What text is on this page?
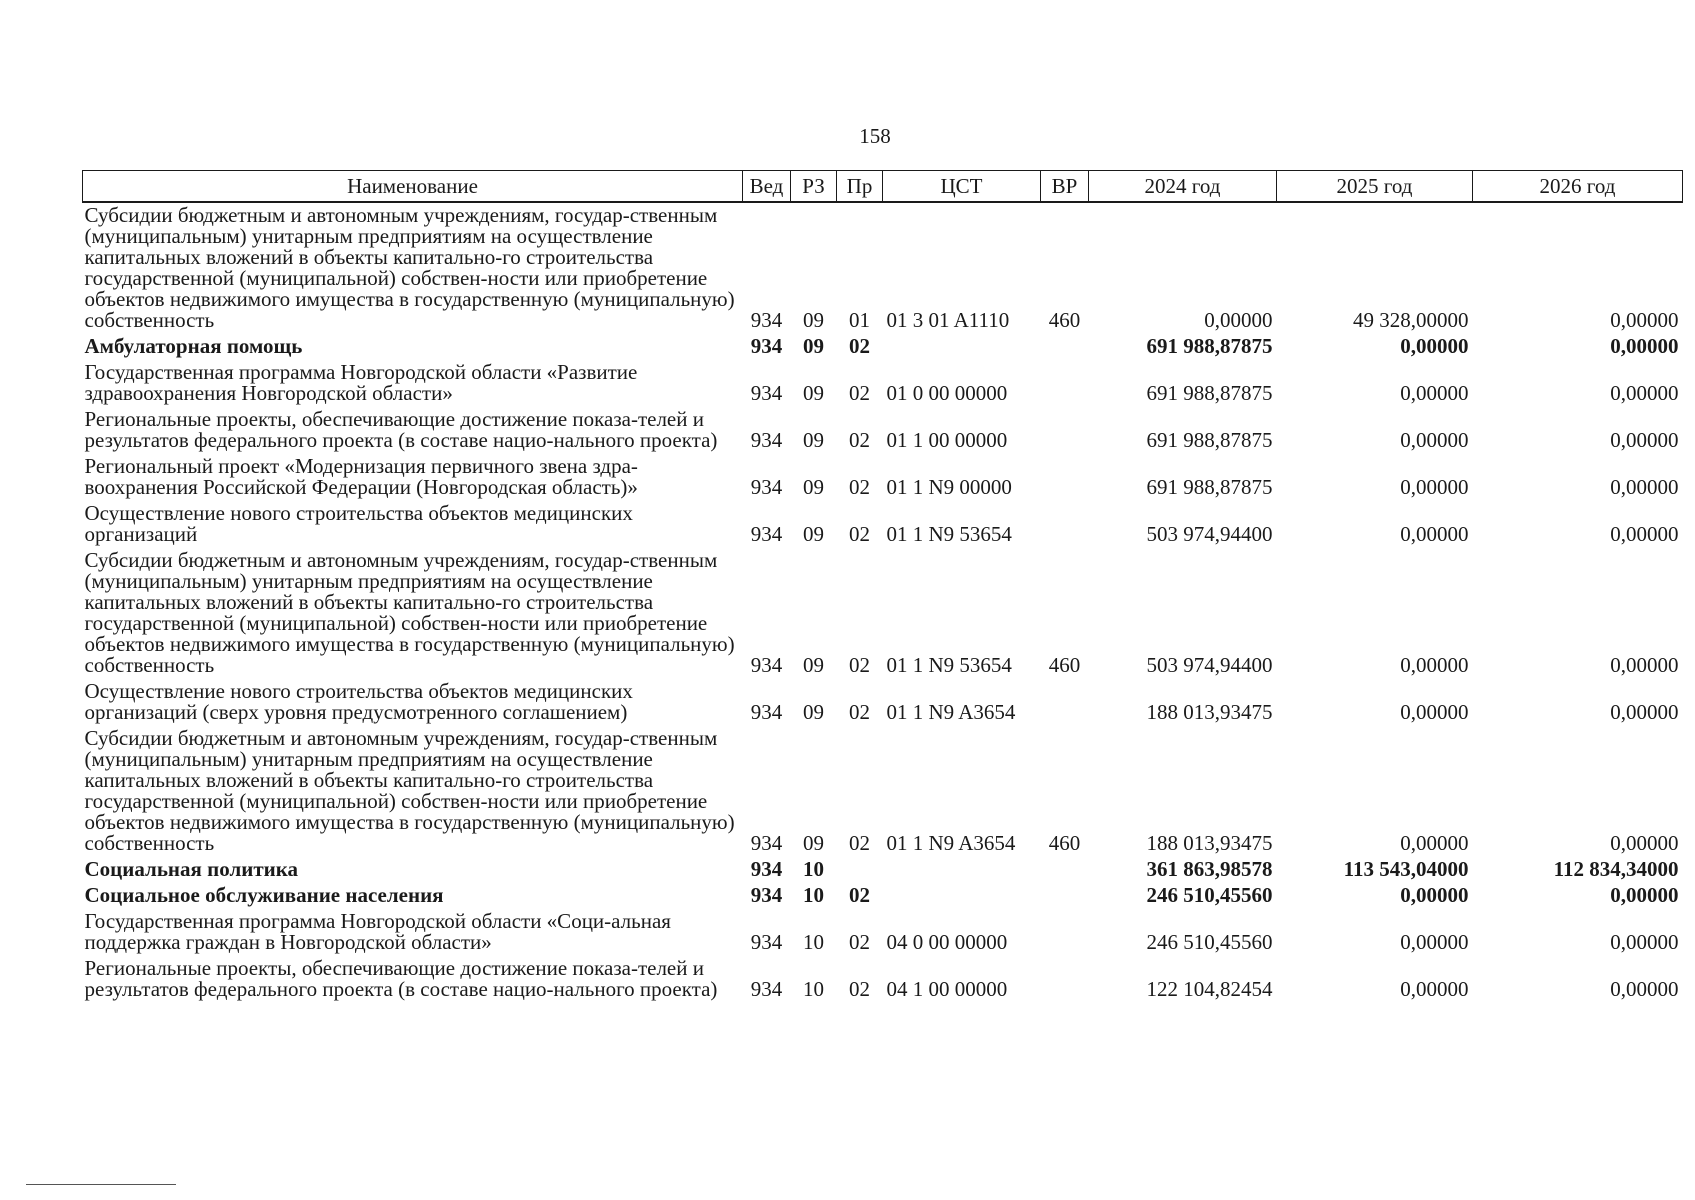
158
Наименование	Вед	РЗ	Пр	ЦСТ	ВР	2024 год	2025 год	2026 год
Субсидии бюджетным и автономным учреждениям, государ-ственным (муниципальным) унитарным предприятиям на осуществление капитальных вложений в объекты капитально-го строительства государственной (муниципальной) собствен-ности или приобретение объектов недвижимого имущества в государственную (муниципальную) собственность	934	09	01	01 3 01 A1110	460	0,00000	49 328,00000	0,00000
Амбулаторная помощь	934	09	02			691 988,87875	0,00000	0,00000
Государственная программа Новгородской области «Развитие здравоохранения Новгородской области»	934	09	02	01 0 00 00000		691 988,87875	0,00000	0,00000
Региональные проекты, обеспечивающие достижение показа-телей и результатов федерального проекта (в составе нацио-нального проекта)	934	09	02	01 1 00 00000		691 988,87875	0,00000	0,00000
Региональный проект «Модернизация первичного звена здра-воохранения Российской Федерации (Новгородская область)»	934	09	02	01 1 N9 00000		691 988,87875	0,00000	0,00000
Осуществление нового строительства объектов медицинских организаций	934	09	02	01 1 N9 53654		503 974,94400	0,00000	0,00000
Субсидии бюджетным и автономным учреждениям, государ-ственным (муниципальным) унитарным предприятиям на осуществление капитальных вложений в объекты капитально-го строительства государственной (муниципальной) собствен-ности или приобретение объектов недвижимого имущества в государственную (муниципальную) собственность	934	09	02	01 1 N9 53654	460	503 974,94400	0,00000	0,00000
Осуществление нового строительства объектов медицинских организаций (сверх уровня предусмотренного соглашением)	934	09	02	01 1 N9 A3654		188 013,93475	0,00000	0,00000
Субсидии бюджетным и автономным учреждениям, государ-ственным (муниципальным) унитарным предприятиям на осуществление капитальных вложений в объекты капитально-го строительства государственной (муниципальной) собствен-ности или приобретение объектов недвижимого имущества в государственную (муниципальную) собственность	934	09	02	01 1 N9 A3654	460	188 013,93475	0,00000	0,00000
Социальная политика	934	10				361 863,98578	113 543,04000	112 834,34000
Социальное обслуживание населения	934	10	02			246 510,45560	0,00000	0,00000
Государственная программа Новгородской области «Соци-альная поддержка граждан в Новгородской области»	934	10	02	04 0 00 00000		246 510,45560	0,00000	0,00000
Региональные проекты, обеспечивающие достижение показа-телей и результатов федерального проекта (в составе нацио-нального проекта)	934	10	02	04 1 00 00000		122 104,82454	0,00000	0,00000
